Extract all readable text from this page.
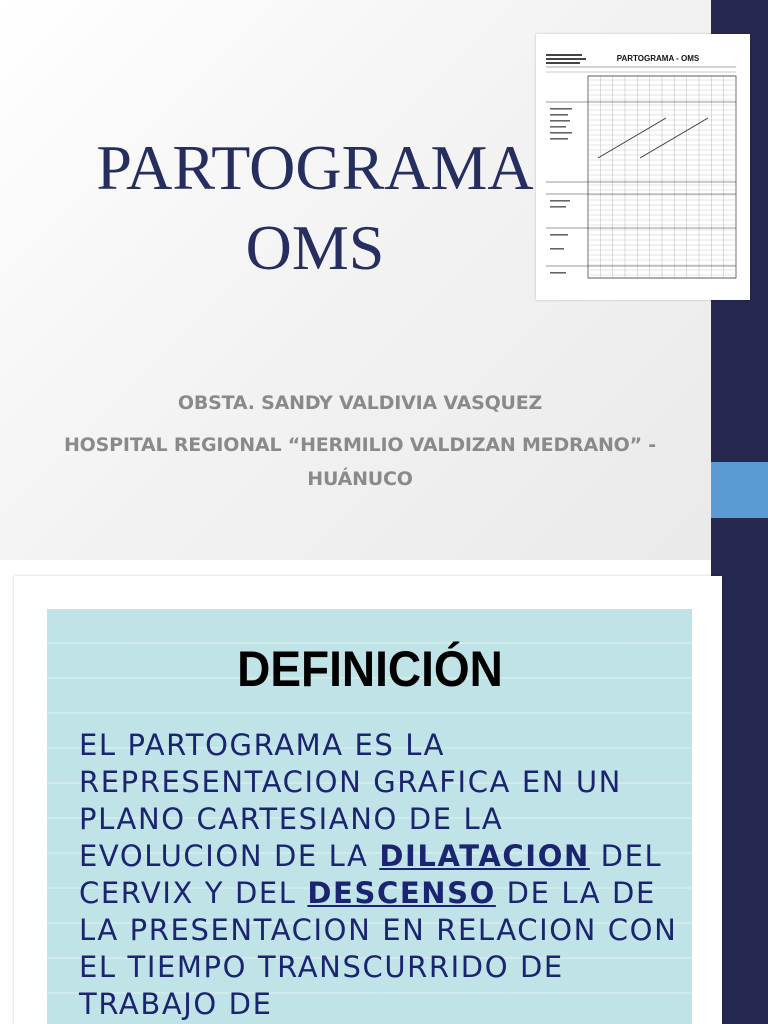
PARTOGRAMA
OMS
PARTOGRAMA - OMS

OBSTA. SANDY VALDIVIA VASQUEZ

HOSPITAL REGIONAL “HERMILIO VALDIZAN MEDRANO” -
HUÁNUCO

DEFINICIÓN

EL PARTOGRAMA ES LA REPRESENTACION GRAFICA EN UN PLANO CARTESIANO DE LA EVOLUCION DE LA DILATACION DEL CERVIX Y DEL DESCENSO DE LA DE LA PRESENTACION EN RELACION CON EL TIEMPO TRANSCURRIDO DE TRABAJO DE
